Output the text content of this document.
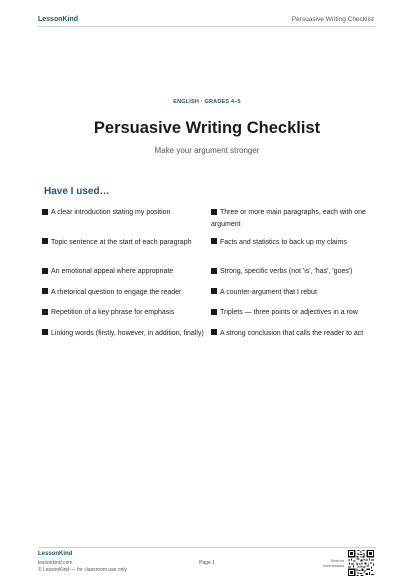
LessonKind	Persuasive Writing Checklist
ENGLISH · GRADES 4–5
Persuasive Writing Checklist
Make your argument stronger
Have I used…
A clear introduction stating my position	Three or more main paragraphs, each with one argument
Topic sentence at the start of each paragraph	Facts and statistics to back up my claims
An emotional appeal where appropriate	Strong, specific verbs (not 'is', 'has', 'goes')
A rhetorical question to engage the reader	A counter-argument that I rebut
Repetition of a key phrase for emphasis	Triplets — three points or adjectives in a row
Linking words (firstly, however, in addition, finally)	A strong conclusion that calls the reader to act
LessonKind
lessonkind.com
© LessonKind — for classroom use only
Page 1	Scan for
more lessons
